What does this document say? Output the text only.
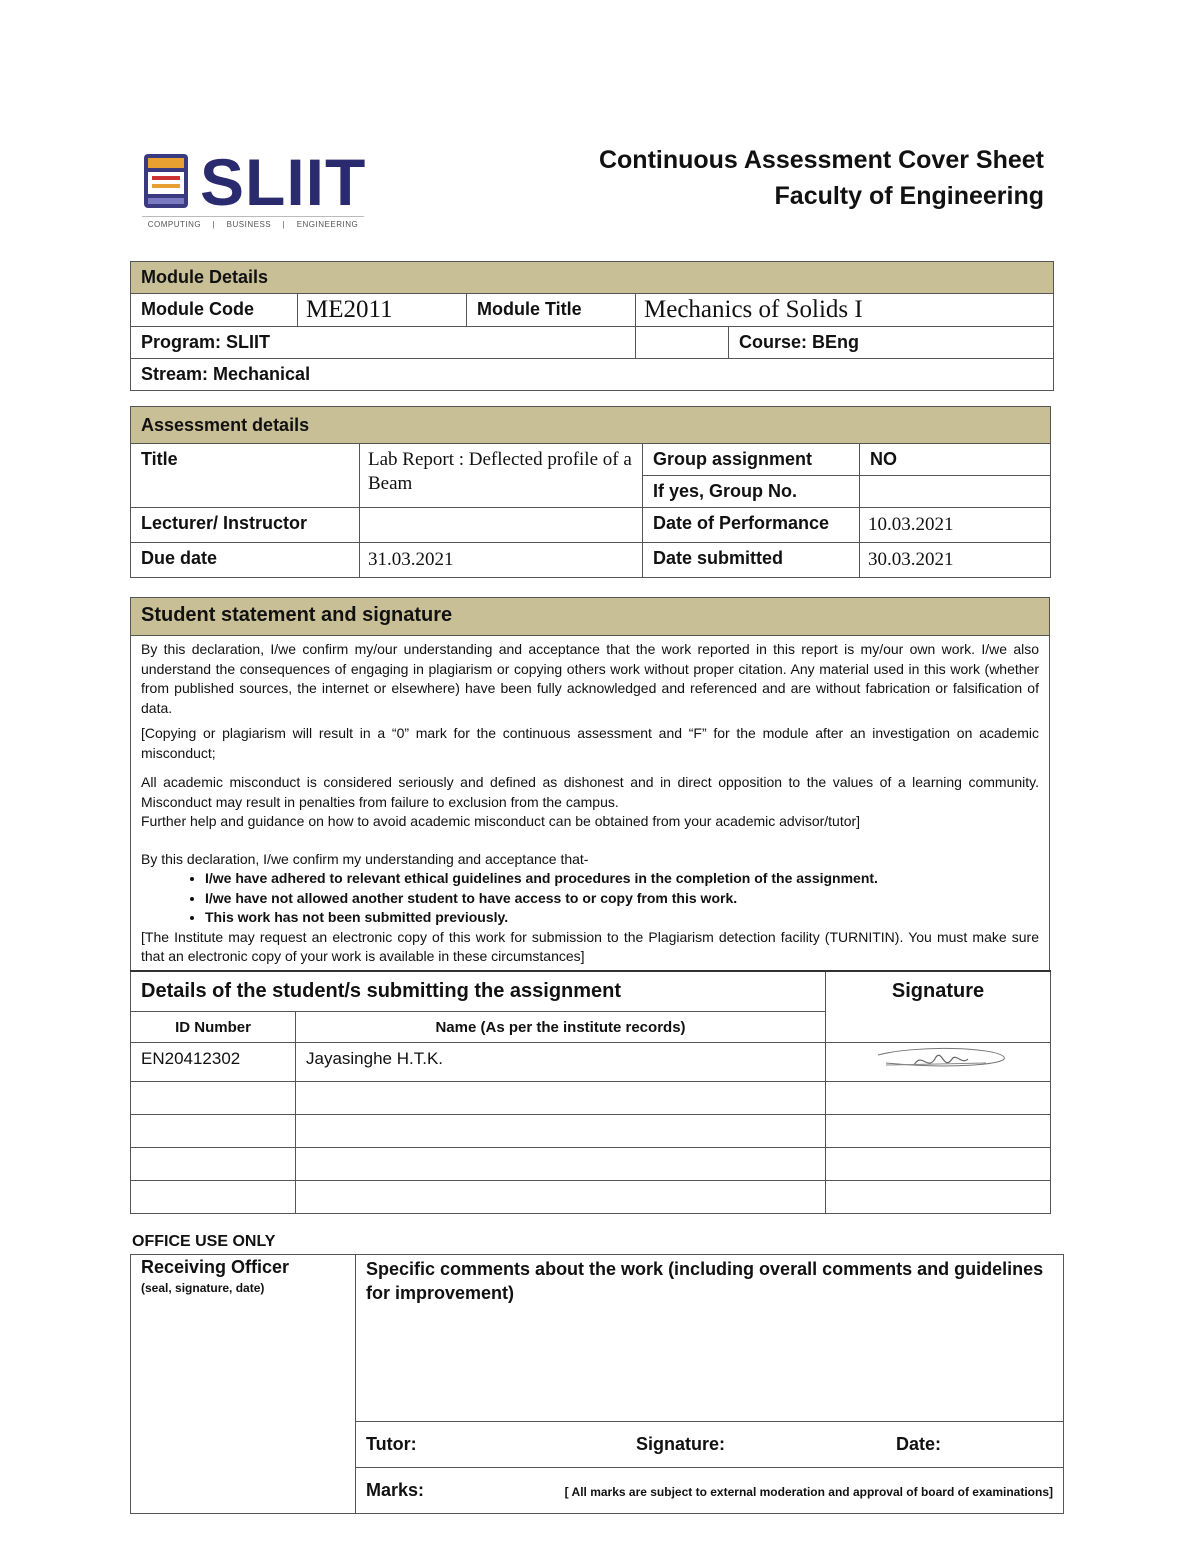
SLIIT
COMPUTING | BUSINESS | ENGINEERING
Continuous Assessment Cover Sheet
Faculty of Engineering
Module Details			
Module Code	ME2011	Module Title	Mechanics of Solids I
Program: SLIIT			Course: BEng

Stream: Mechanical			
Assessment details			
Title	Lab Report : Deflected profile of a Beam	Group assignment	NO
		If yes, Group No.	
Lecturer/ Instructor		Date of Performance	10.03.2021
Due date	31.03.2021	Date submitted	30.03.2021
Student statement and signature

By this declaration, I/we confirm my/our understanding and acceptance that the work reported in this report is my/our own work. I/we also understand the consequences of engaging in plagiarism or copying others work without proper citation. Any material used in this work (whether from published sources, the internet or elsewhere) have been fully acknowledged and referenced and are without fabrication or falsification of data.

[Copying or plagiarism will result in a “0” mark for the continuous assessment and “F” for the module after an investigation on academic misconduct;

All academic misconduct is considered seriously and defined as dishonest and in direct opposition to the values of a learning community. Misconduct may result in penalties from failure to exclusion from the campus.

Further help and guidance on how to avoid academic misconduct can be obtained from your academic advisor/tutor]

By this declaration, I/we confirm my understanding and acceptance that-

• I/we have adhered to relevant ethical guidelines and procedures in the completion of the assignment.
• I/we have not allowed another student to have access to or copy from this work.
• This work has not been submitted previously.

[The Institute may request an electronic copy of this work for submission to the Plagiarism detection facility (TURNITIN). You must make sure that an electronic copy of your work is available in these circumstances]

Details of the student/s submitting the assignment		Signature
ID Number	Name (As per the institute records)	
EN20412302	Jayasinghe H.T.K.	

OFFICE USE ONLY
Receiving Officer
(seal, signature, date)	Specific comments about the work (including overall comments and guidelines for improvement)		
	Tutor:	Signature:	Date:
	Marks: [ All marks are subject to external moderation and approval of board of examinations]		
